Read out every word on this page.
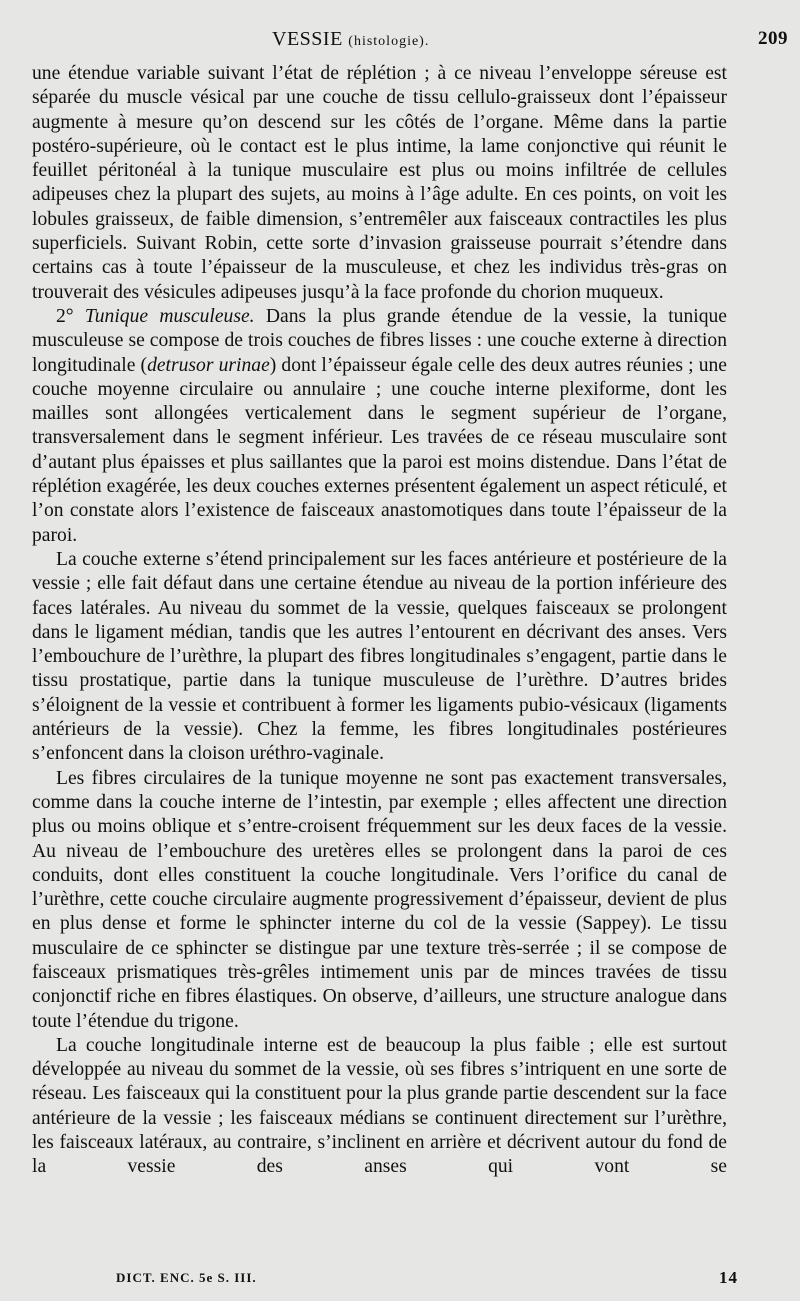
VESSIE (histologie).	209

une étendue variable suivant l’état de réplétion ; à ce niveau l’enveloppe séreuse est séparée du muscle vésical par une couche de tissu cellulo-graisseux dont l’épaisseur augmente à mesure qu’on descend sur les côtés de l’organe. Même dans la partie postéro-supérieure, où le contact est le plus intime, la lame conjonctive qui réunit le feuillet péritonéal à la tunique musculaire est plus ou moins infiltrée de cellules adipeuses chez la plupart des sujets, au moins à l’âge adulte. En ces points, on voit les lobules graisseux, de faible dimension, s’entremêler aux faisceaux contractiles les plus superficiels. Suivant Robin, cette sorte d’invasion graisseuse pourrait s’étendre dans certains cas à toute l’épaisseur de la musculeuse, et chez les individus très-gras on trouverait des vésicules adipeuses jusqu’à la face profonde du chorion muqueux.

2° Tunique musculeuse. Dans la plus grande étendue de la vessie, la tunique musculeuse se compose de trois couches de fibres lisses : une couche externe à direction longitudinale (detrusor urinae) dont l’épaisseur égale celle des deux autres réunies ; une couche moyenne circulaire ou annulaire ; une couche interne plexiforme, dont les mailles sont allongées verticalement dans le segment supérieur de l’organe, transversalement dans le segment inférieur. Les travées de ce réseau musculaire sont d’autant plus épaisses et plus saillantes que la paroi est moins distendue. Dans l’état de réplétion exagérée, les deux couches externes présentent également un aspect réticulé, et l’on constate alors l’existence de faisceaux anastomotiques dans toute l’épaisseur de la paroi.

La couche externe s’étend principalement sur les faces antérieure et postérieure de la vessie ; elle fait défaut dans une certaine étendue au niveau de la portion inférieure des faces latérales. Au niveau du sommet de la vessie, quelques faisceaux se prolongent dans le ligament médian, tandis que les autres l’entourent en décrivant des anses. Vers l’embouchure de l’urèthre, la plupart des fibres longitudinales s’engagent, partie dans le tissu prostatique, partie dans la tunique musculeuse de l’urèthre. D’autres brides s’éloignent de la vessie et contribuent à former les ligaments pubio-vésicaux (ligaments antérieurs de la vessie). Chez la femme, les fibres longitudinales postérieures s’enfoncent dans la cloison uréthro-vaginale.

Les fibres circulaires de la tunique moyenne ne sont pas exactement transversales, comme dans la couche interne de l’intestin, par exemple ; elles affectent une direction plus ou moins oblique et s’entre-croisent fréquemment sur les deux faces de la vessie. Au niveau de l’embouchure des uretères elles se prolongent dans la paroi de ces conduits, dont elles constituent la couche longitudinale. Vers l’orifice du canal de l’urèthre, cette couche circulaire augmente progressivement d’épaisseur, devient de plus en plus dense et forme le sphincter interne du col de la vessie (Sappey). Le tissu musculaire de ce sphincter se distingue par une texture très-serrée ; il se compose de faisceaux prismatiques très-grêles intimement unis par de minces travées de tissu conjonctif riche en fibres élastiques. On observe, d’ailleurs, une structure analogue dans toute l’étendue du trigone.

La couche longitudinale interne est de beaucoup la plus faible ; elle est surtout développée au niveau du sommet de la vessie, où ses fibres s’intriquent en une sorte de réseau. Les faisceaux qui la constituent pour la plus grande partie descendent sur la face antérieure de la vessie ; les faisceaux médians se continuent directement sur l’urèthre, les faisceaux latéraux, au contraire, s’inclinent en arrière et décrivent autour du fond de la vessie des anses qui vont se

DICT. ENC. 5e S. III.	14
